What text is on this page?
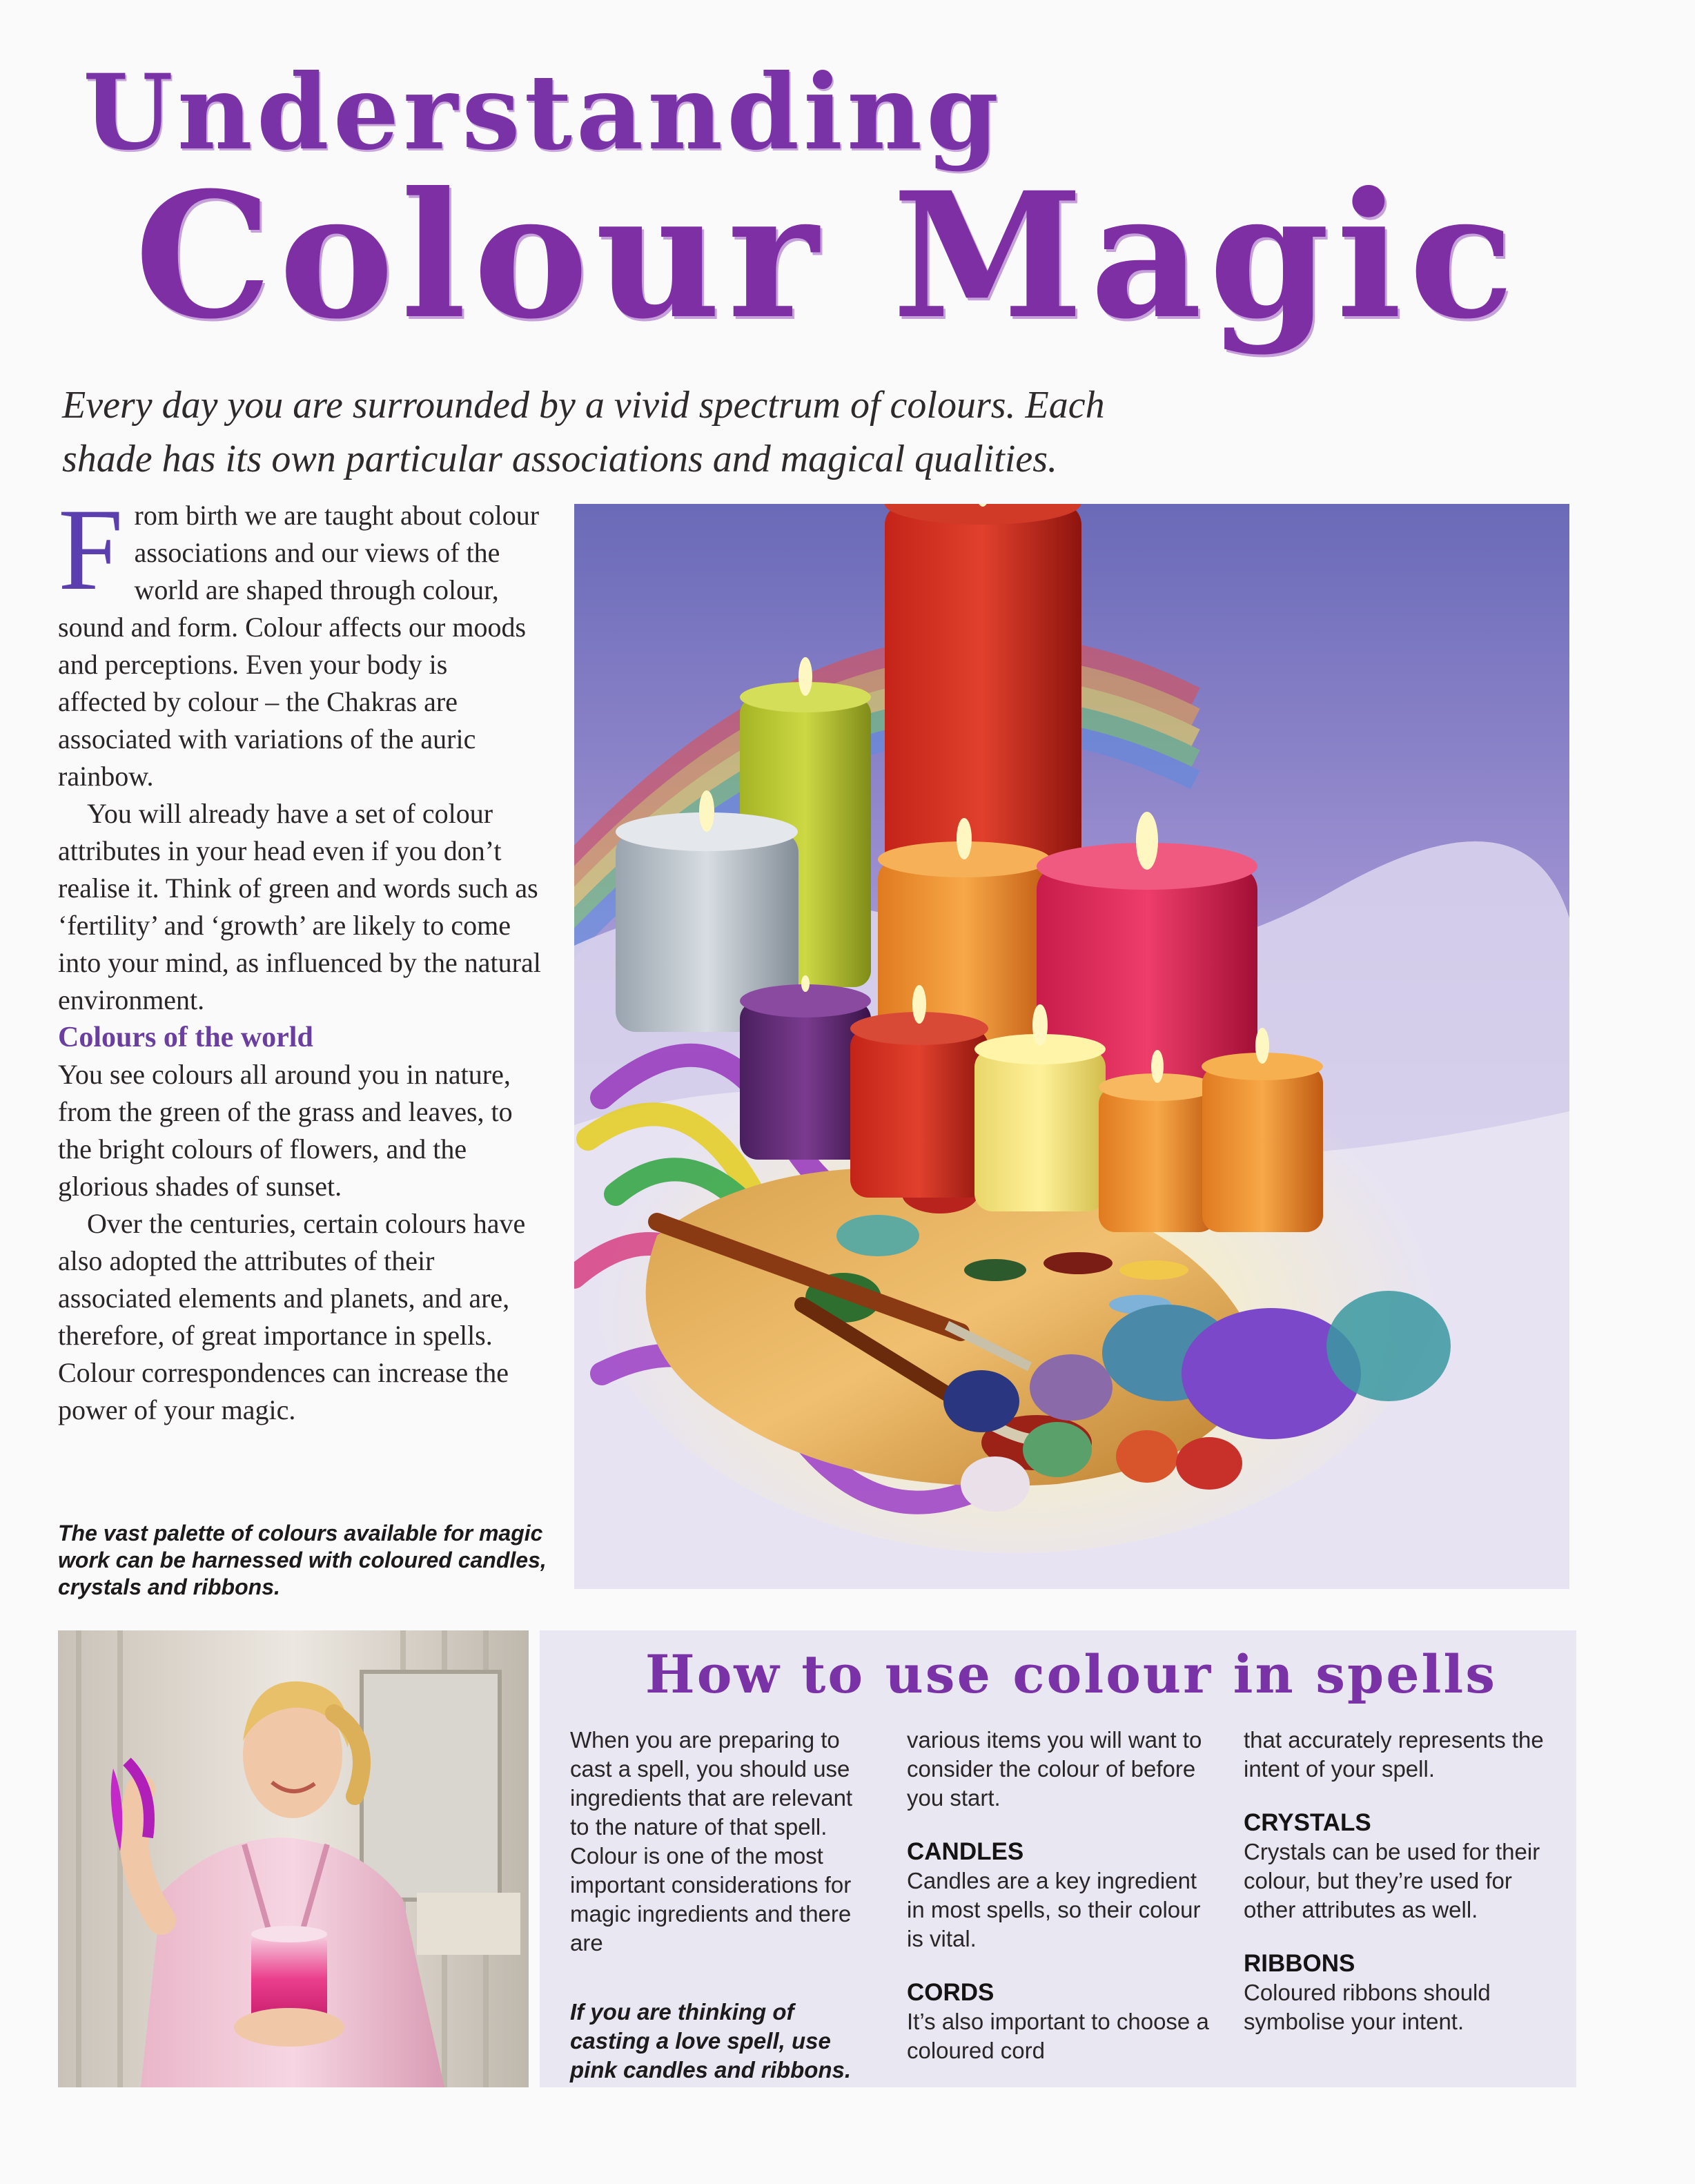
Understanding
Colour Magic
Every day you are surrounded by a vivid spectrum of colours. Each shade has its own particular associations and magical qualities.

From birth we are taught about colour associations and our views of the world are shaped through colour, sound and form. Colour affects our moods and perceptions. Even your body is affected by colour – the Chakras are associated with variations of the auric rainbow.

You will already have a set of colour attributes in your head even if you don’t realise it. Think of green and words such as ‘fertility’ and ‘growth’ are likely to come into your mind, as influenced by the natural environment.

Colours of the world

You see colours all around you in nature, from the green of the grass and leaves, to the bright colours of flowers, and the glorious shades of sunset.

Over the centuries, certain colours have also adopted the attributes of their associated elements and planets, and are, therefore, of great importance in spells. Colour correspondences can increase the power of your magic.

The vast palette of colours available for magic work can be harnessed with coloured candles, crystals and ribbons.
How to use colour in spells

When you are preparing to cast a spell, you should use ingredients that are relevant to the nature of that spell. Colour is one of the most important considerations for magic ingredients and there are

If you are thinking of casting a love spell, use pink candles and ribbons.

various items you will want to consider the colour of before you start.

CANDLES

Candles are a key ingredient in most spells, so their colour is vital.

CORDS

It’s also important to choose a coloured cord

that accurately represents the intent of your spell.

CRYSTALS

Crystals can be used for their colour, but they’re used for other attributes as well.

RIBBONS

Coloured ribbons should symbolise your intent.
